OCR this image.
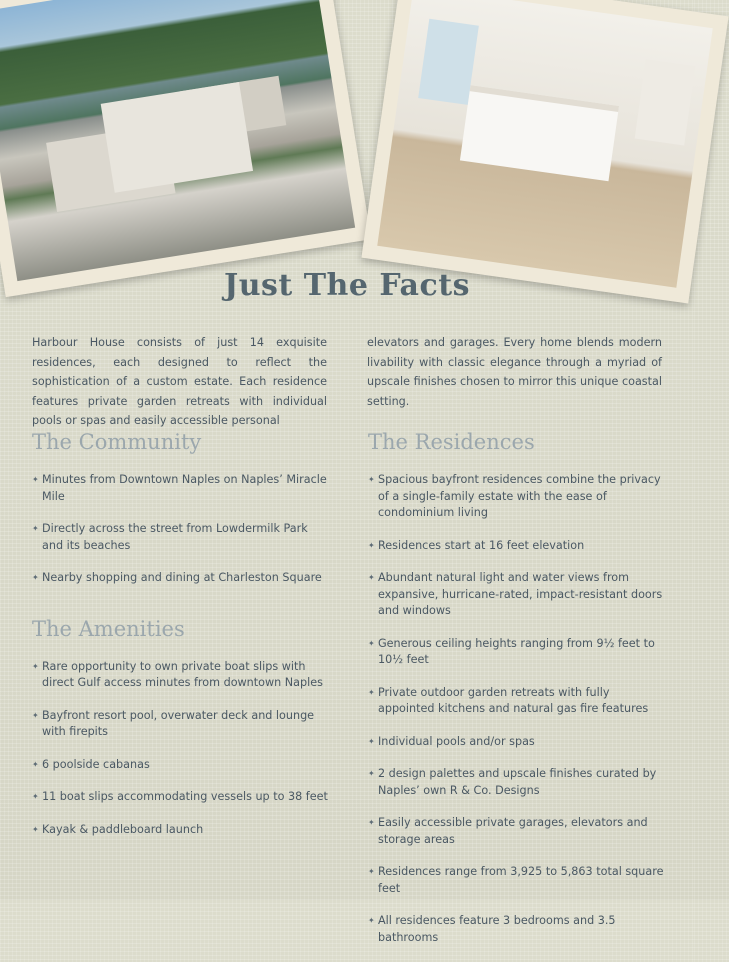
Just The Facts

Harbour House consists of just 14 exquisite residences, each designed to reflect the sophistication of a custom estate. Each residence features private garden retreats with individual pools or spas and easily accessible personal

elevators and garages. Every home blends modern livability with classic elegance through a myriad of upscale finishes chosen to mirror this unique coastal setting.

The Community
✦ Minutes from Downtown Naples on Naples’ Miracle Mile
✦ Directly across the street from Lowdermilk Park and its beaches
✦ Nearby shopping and dining at Charleston Square
The Amenities
✦ Rare opportunity to own private boat slips with direct Gulf access minutes from downtown Naples
✦ Bayfront resort pool, overwater deck and lounge with firepits
✦ 6 poolside cabanas
✦ 11 boat slips accommodating vessels up to 38 feet
✦ Kayak & paddleboard launch
The Residences
✦ Spacious bayfront residences combine the privacy of a single-family estate with the ease of condominium living
✦ Residences start at 16 feet elevation
✦ Abundant natural light and water views from expansive, hurricane-rated, impact-resistant doors and windows
✦ Generous ceiling heights ranging from 9½ feet to 10½ feet
✦ Private outdoor garden retreats with fully appointed kitchens and natural gas fire features
✦ Individual pools and/or spas
✦ 2 design palettes and upscale finishes curated by Naples’ own R & Co. Designs
✦ Easily accessible private garages, elevators and storage areas
✦ Residences range from 3,925 to 5,863 total square feet
✦ All residences feature 3 bedrooms and 3.5 bathrooms
